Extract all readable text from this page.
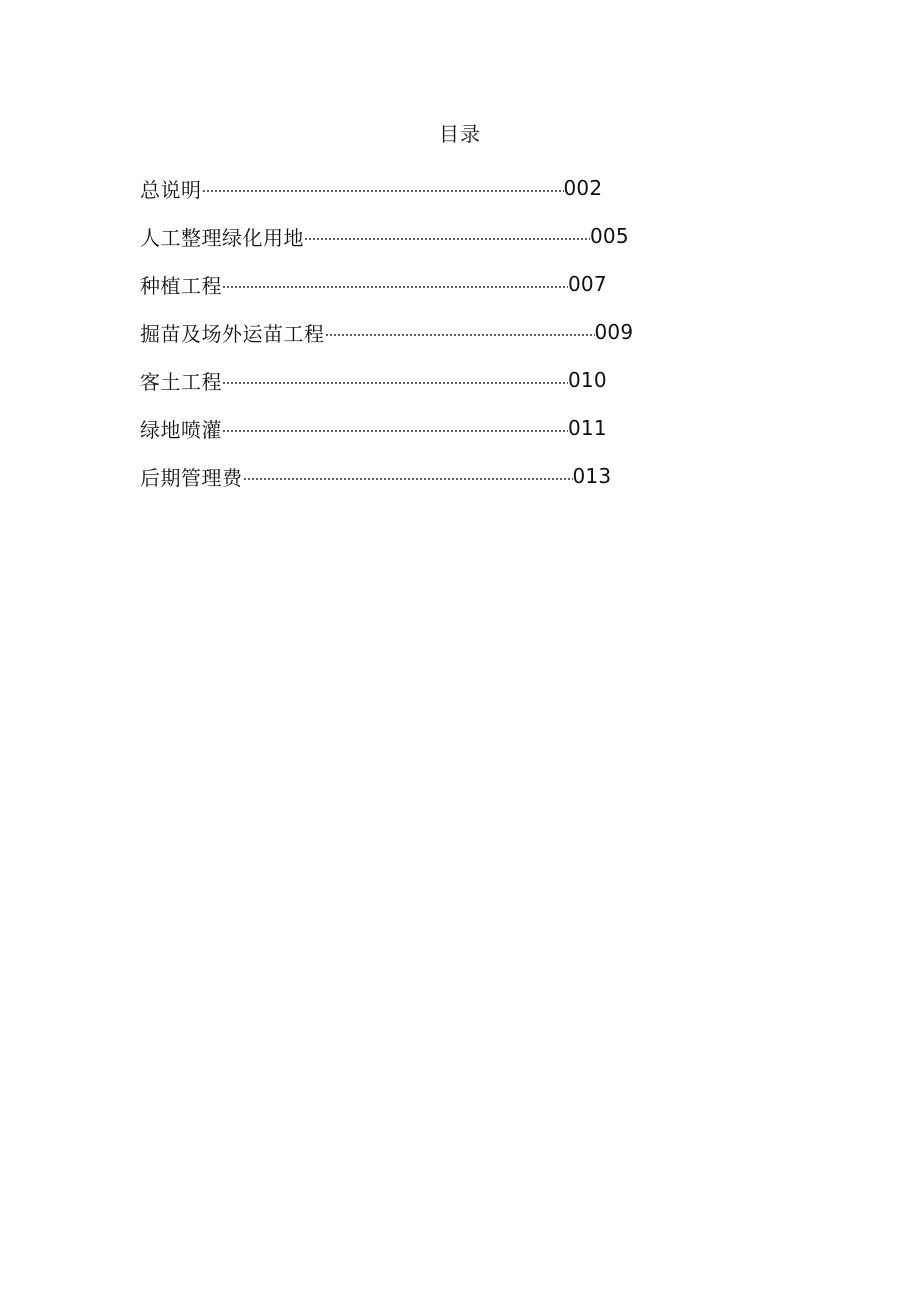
目录
总说明	002
人工整理绿化用地	005
种植工程	007
掘苗及场外运苗工程	009
客土工程	010
绿地喷灌	011
后期管理费	013
